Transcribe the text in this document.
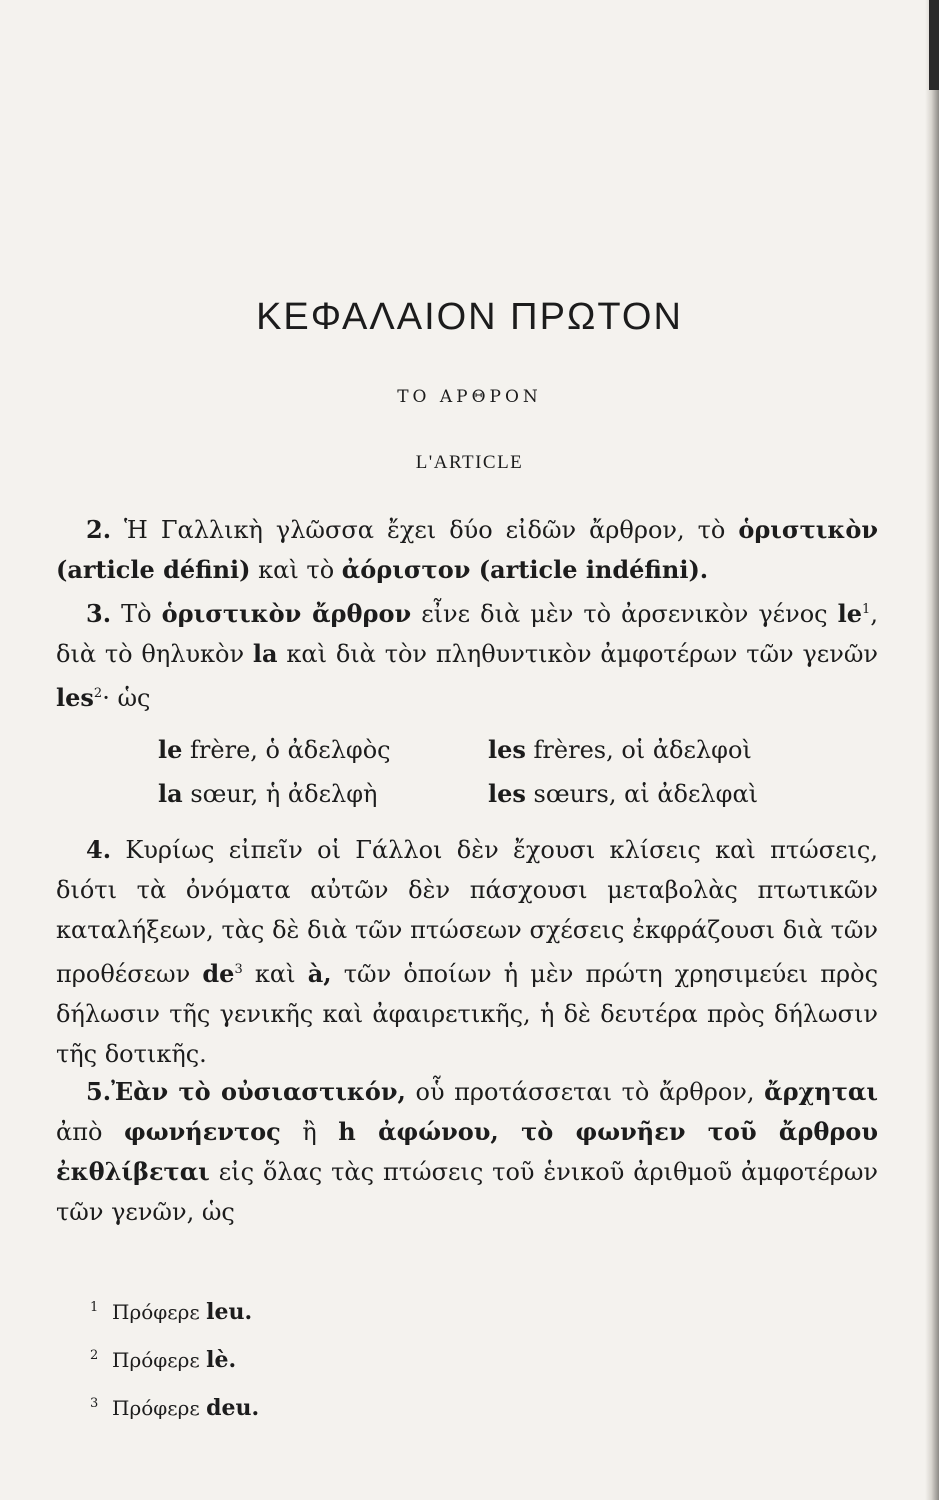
ΚΕΦΑΛΑΙΟΝ ΠΡΩΤΟΝ
ΤΟ ΑΡΘΡΟΝ
L'ARTICLE

2. Ἡ Γαλλικὴ γλῶσσα ἔχει δύο εἰδῶν ἄρθρον, τὸ ὁριστικὸν (article défini) καὶ τὸ ἀόριστον (article indéfini).

3. Τὸ ὁριστικὸν ἄρθρον εἶνε διὰ μὲν τὸ ἀρσενικὸν γένος $le^1$, διὰ τὸ θηλυκὸν la καὶ διὰ τὸν πληθυντικὸν ἀμφοτέρων τῶν γενῶν les$^2$· ὡς

le frère, ὁ ἀδελφὸς	les frères, οἱ ἀδελφοὶ
la sœur, ἡ ἀδελφὴ	les sœurs, αἱ ἀδελφαὶ

4. Κυρίως εἰπεῖν οἱ Γάλλοι δὲν ἔχουσι κλίσεις καὶ πτώσεις, διότι τὰ ὀνόματα αὐτῶν δὲν πάσχουσι μεταβολὰς πτωτικῶν καταλήξεων, τὰς δὲ διὰ τῶν πτώσεων σχέσεις ἐκφράζουσι διὰ τῶν προθέσεων $de^3$ καὶ à, τῶν ὁποίων ἡ μὲν πρώτη χρησιμεύει πρὸς δήλωσιν τῆς γενικῆς καὶ ἀφαιρετικῆς, ἡ δὲ δευτέρα πρὸς δήλωσιν τῆς δοτικῆς.

5.Ἐὰν τὸ οὐσιαστικόν, οὗ προτάσσεται τὸ ἄρθρον, ἄρχηται ἀπὸ φωνήεντος ἢ h ἀφώνου, τὸ φωνῆεν τοῦ ἄρθρου ἐκθλίβεται εἰς ὅλας τὰς πτώσεις τοῦ ἑνικοῦ ἀριθμοῦ ἀμφοτέρων τῶν γενῶν, ὡς

1 Πρόφερε
leu.
2 Πρόφερε
lè.
3 Πρόφερε
deu.
